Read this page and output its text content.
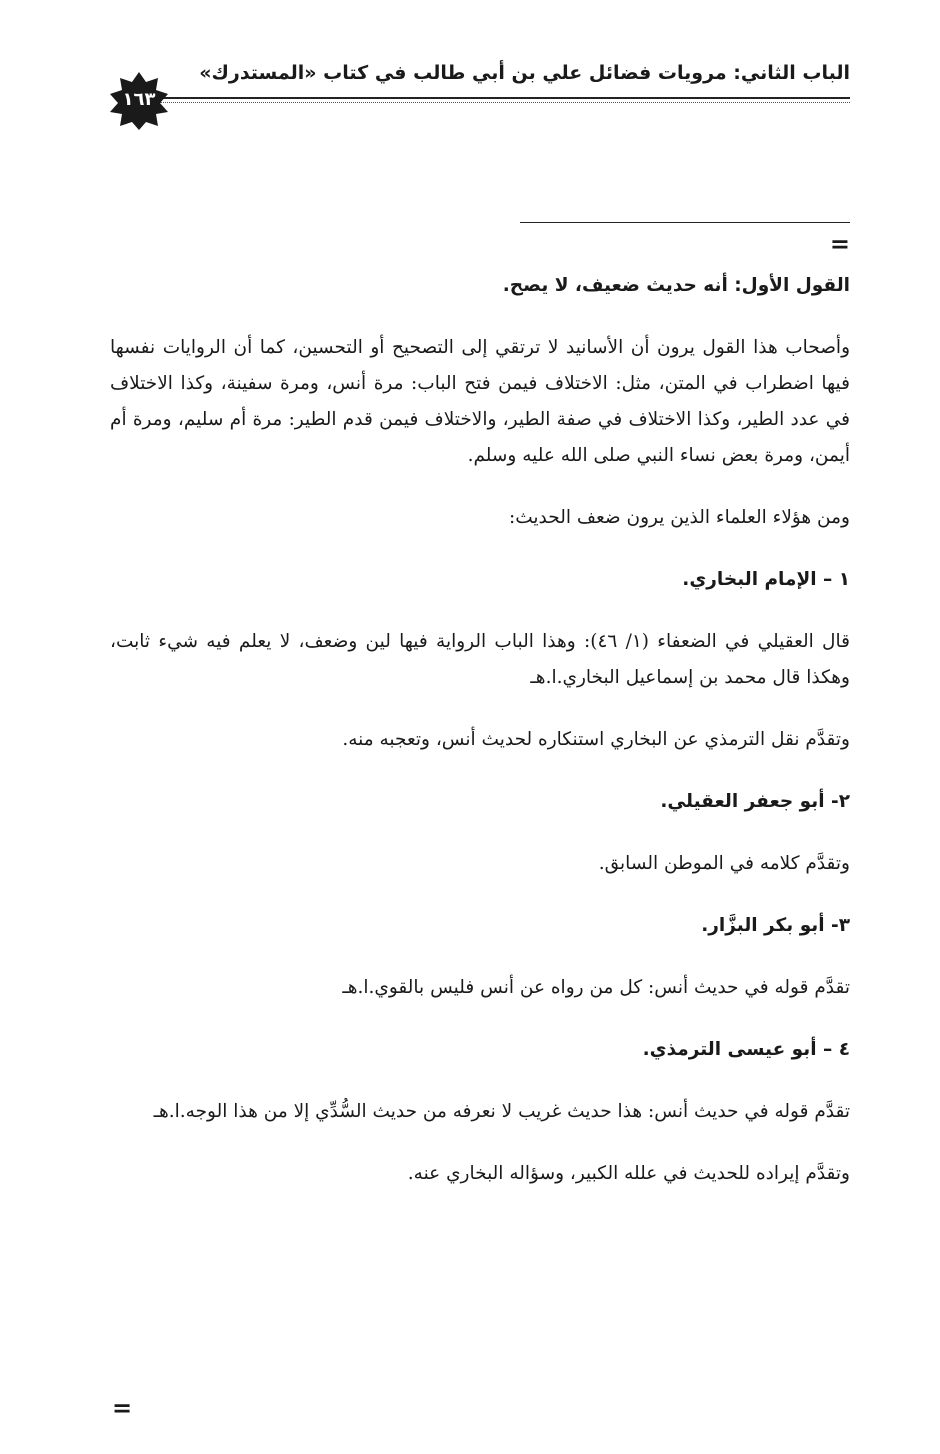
الباب الثاني: مرويات فضائل علي بن أبي طالب في كتاب «المستدرك»
١٦٣
=

القول الأول: أنه حديث ضعيف، لا يصح.

وأصحاب هذا القول يرون أن الأسانيد لا ترتقي إلى التصحيح أو التحسين، كما أن الروايات نفسها فيها اضطراب في المتن، مثل: الاختلاف فيمن فتح الباب: مرة أنس، ومرة سفينة، وكذا الاختلاف في عدد الطير، وكذا الاختلاف في صفة الطير، والاختلاف فيمن قدم الطير: مرة أم سليم، ومرة أم أيمن، ومرة بعض نساء النبي صلى الله عليه وسلم.

ومن هؤلاء العلماء الذين يرون ضعف الحديث:

١ – الإمام البخاري.

قال العقيلي في الضعفاء (١/ ٤٦): وهذا الباب الرواية فيها لين وضعف، لا يعلم فيه شيء ثابت، وهكذا قال محمد بن إسماعيل البخاري.ا.هـ

وتقدَّم نقل الترمذي عن البخاري استنكاره لحديث أنس، وتعجبه منه.

٢- أبو جعفر العقيلي.

وتقدَّم كلامه في الموطن السابق.

٣- أبو بكر البزَّار.

تقدَّم قوله في حديث أنس: كل من رواه عن أنس فليس بالقوي.ا.هـ

٤ – أبو عيسى الترمذي.

تقدَّم قوله في حديث أنس: هذا حديث غريب لا نعرفه من حديث السُّدِّي إلا من هذا الوجه.ا.هـ

وتقدَّم إيراده للحديث في علله الكبير، وسؤاله البخاري عنه.

=
